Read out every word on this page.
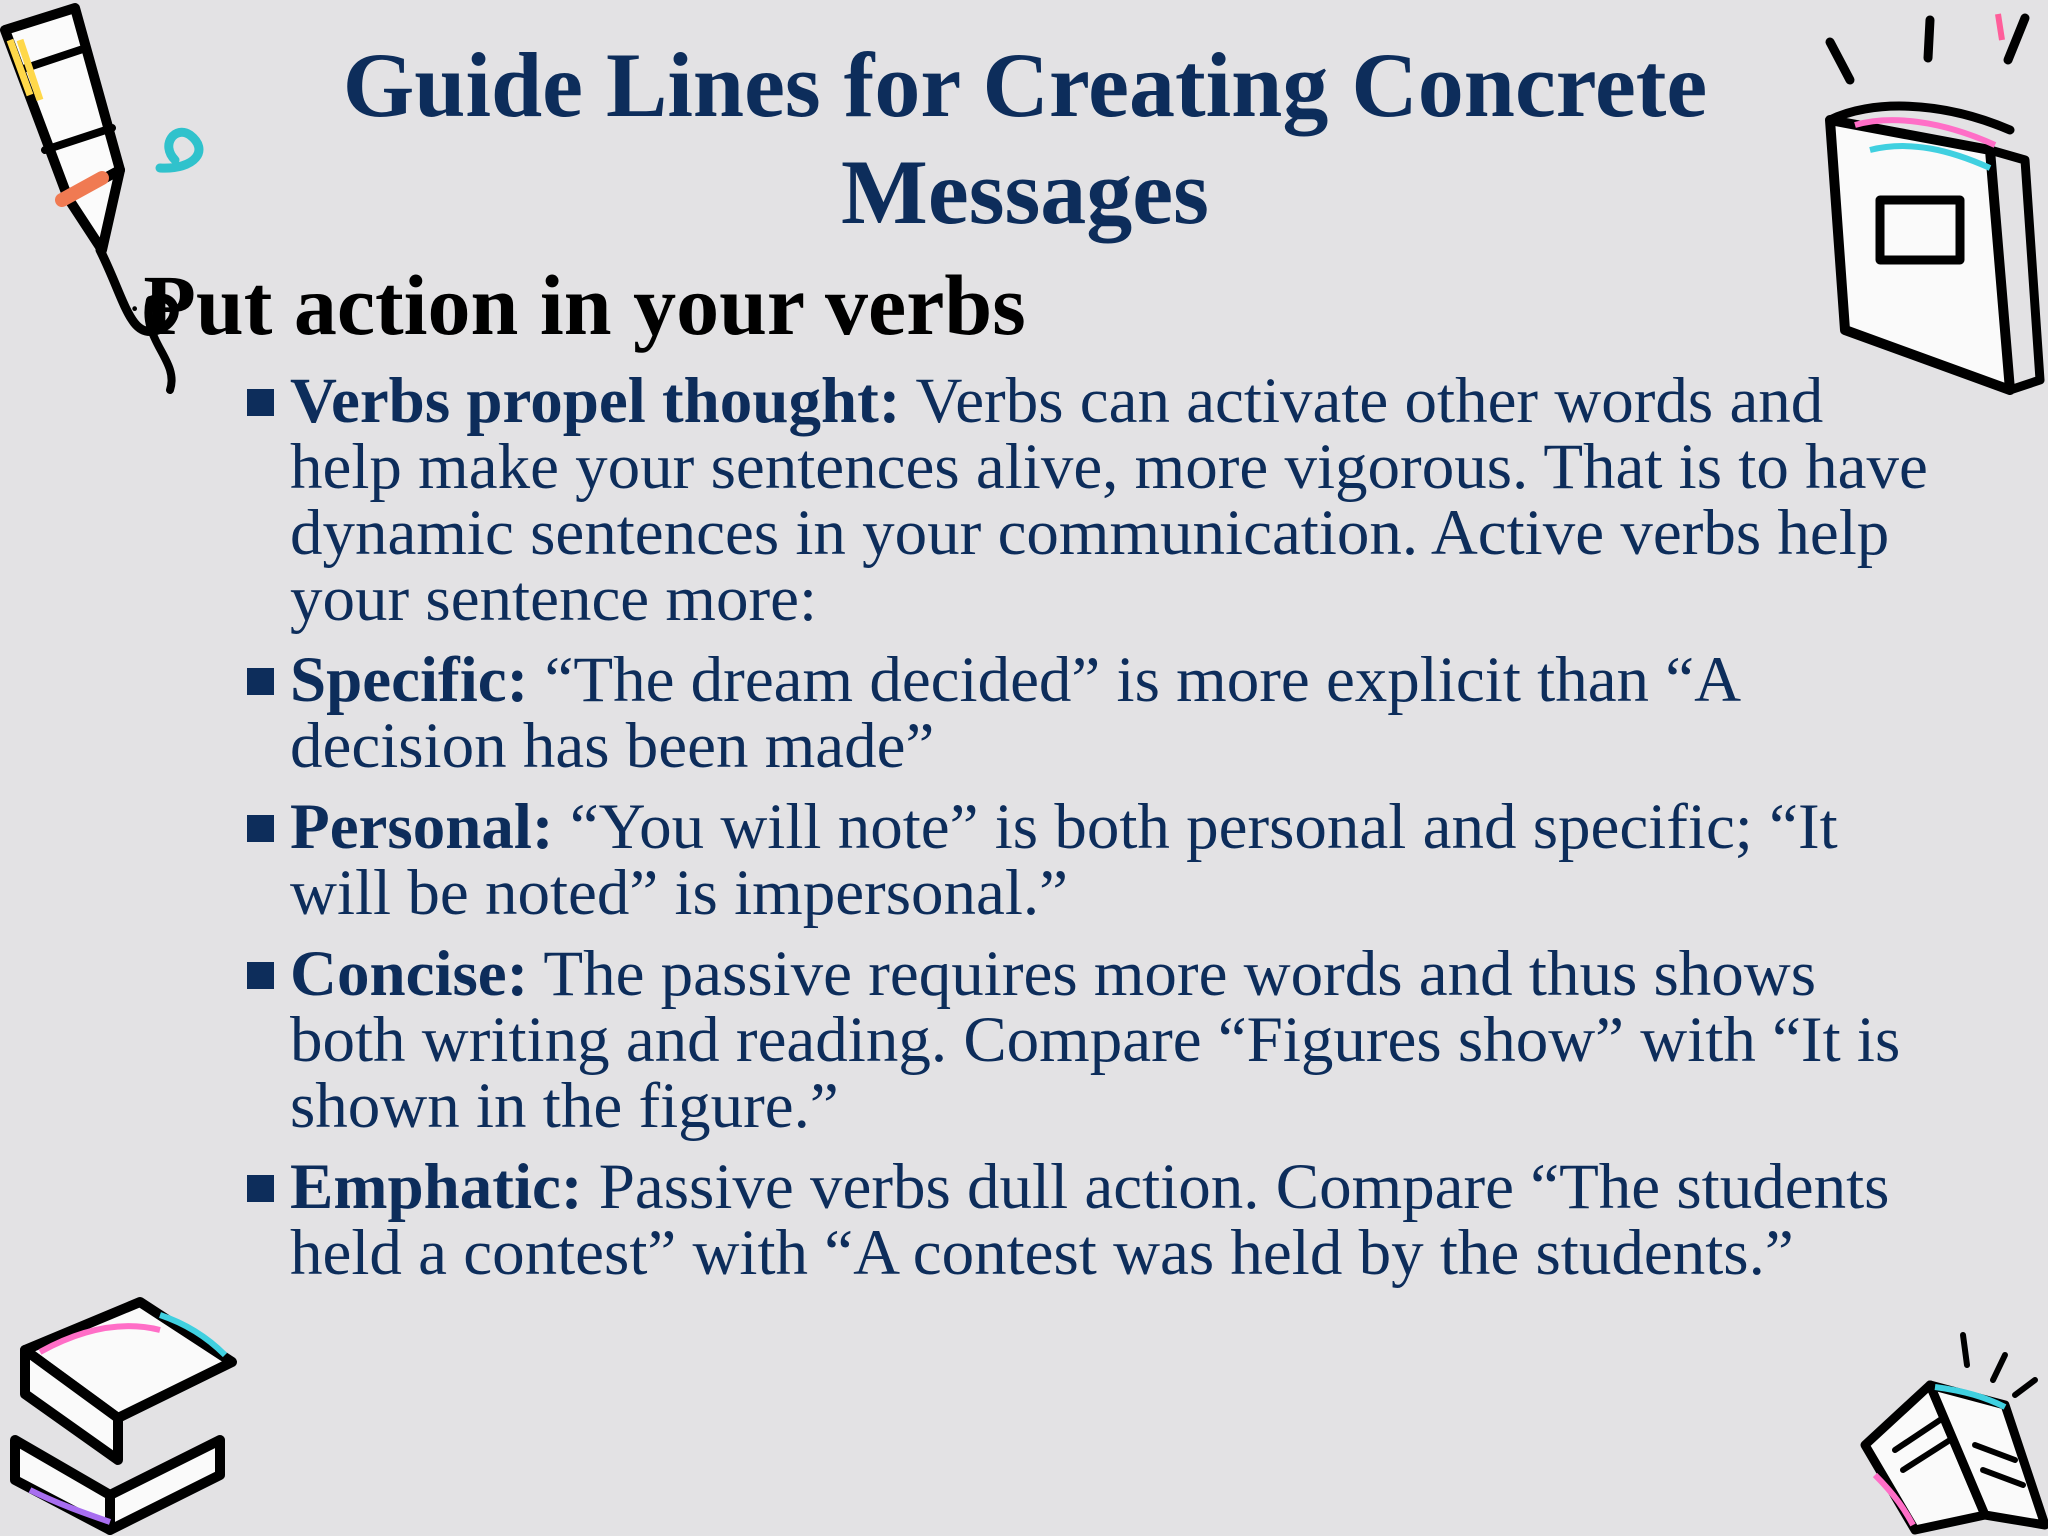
Guide Lines for Creating Concrete Messages
·Put action in your verbs
Verbs propel thought: Verbs can activate other words and help make your sentences alive, more vigorous. That is to have dynamic sentences in your communication. Active verbs help your sentence more:
Specific: “The dream decided” is more explicit than “A decision has been made”
Personal: “You will note” is both personal and specific; “It will be noted” is impersonal.”
Concise: The passive requires more words and thus shows both writing and reading. Compare “Figures show” with “It is shown in the figure.”
Emphatic: Passive verbs dull action. Compare “The students held a contest” with “A contest was held by the students.”
